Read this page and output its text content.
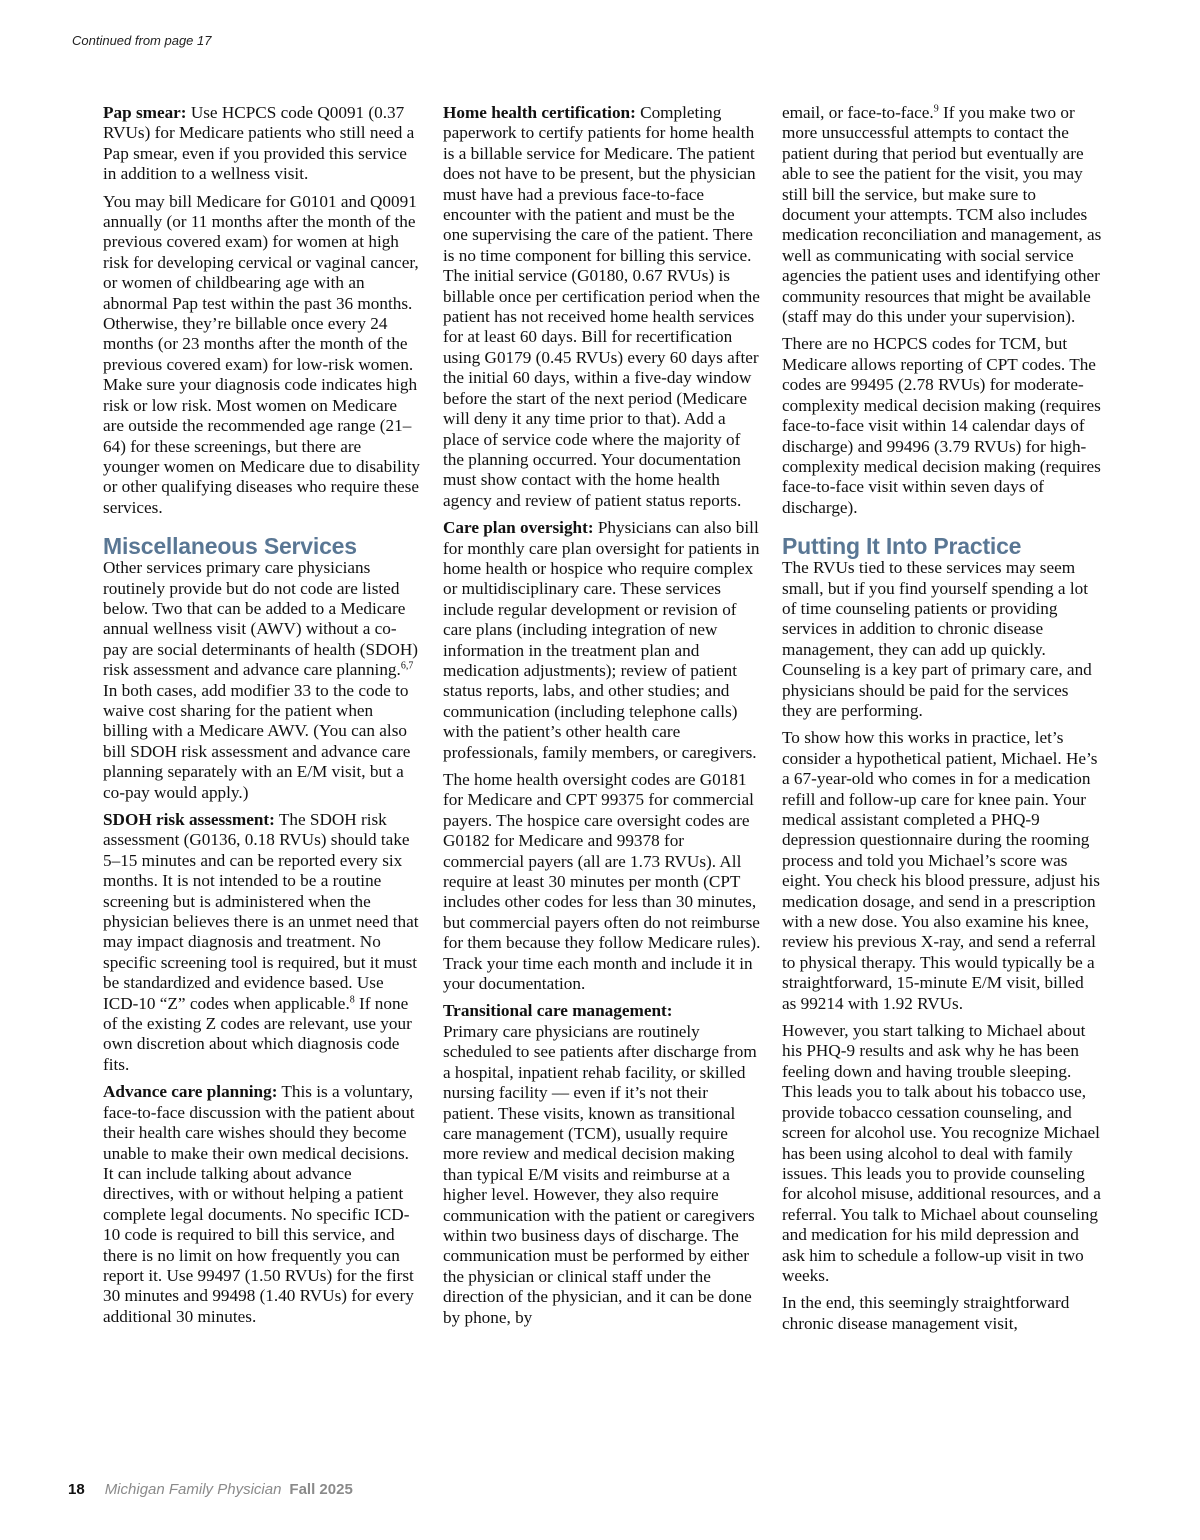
Continued from page 17

Pap smear: Use HCPCS code Q0091 (0.37 RVUs) for Medicare patients who still need a Pap smear, even if you provided this service in addition to a wellness visit.

You may bill Medicare for G0101 and Q0091 annually (or 11 months after the month of the previous covered exam) for women at high risk for developing cervical or vaginal cancer, or women of childbearing age with an abnormal Pap test within the past 36 months. Otherwise, they’re billable once every 24 months (or 23 months after the month of the previous covered exam) for low-risk women. Make sure your diagnosis code indicates high risk or low risk. Most women on Medicare are outside the recommended age range (21–64) for these screenings, but there are younger women on Medicare due to disability or other qualifying diseases who require these services.

Miscellaneous Services

Other services primary care physicians routinely provide but do not code are listed below. Two that can be added to a Medicare annual wellness visit (AWV) without a co-pay are social determinants of health (SDOH) risk assessment and advance care planning.$^{6,7}$ In both cases, add modifier 33 to the code to waive cost sharing for the patient when billing with a Medicare AWV. (You can also bill SDOH risk assessment and advance care planning separately with an E/M visit, but a co-pay would apply.)

SDOH risk assessment: The SDOH risk assessment (G0136, 0.18 RVUs) should take 5–15 minutes and can be reported every six months. It is not intended to be a routine screening but is administered when the physician believes there is an unmet need that may impact diagnosis and treatment. No specific screening tool is required, but it must be standardized and evidence based. Use ICD-10 “Z” codes when applicable.$^8$ If none of the existing Z codes are relevant, use your own discretion about which diagnosis code fits.

Advance care planning: This is a voluntary, face-to-face discussion with the patient about their health care wishes should they become unable to make their own medical decisions. It can include talking about advance directives, with or without helping a patient complete legal documents. No specific ICD-10 code is required to bill this service, and there is no limit on how frequently you can report it. Use 99497 (1.50 RVUs) for the first 30 minutes and 99498 (1.40 RVUs) for every additional 30 minutes.

Home health certification: Completing paperwork to certify patients for home health is a billable service for Medicare. The patient does not have to be present, but the physician must have had a previous face-to-face encounter with the patient and must be the one supervising the care of the patient. There is no time component for billing this service. The initial service (G0180, 0.67 RVUs) is billable once per certification period when the patient has not received home health services for at least 60 days. Bill for recertification using G0179 (0.45 RVUs) every 60 days after the initial 60 days, within a five-day window before the start of the next period (Medicare will deny it any time prior to that). Add a place of service code where the majority of the planning occurred. Your documentation must show contact with the home health agency and review of patient status reports.

Care plan oversight: Physicians can also bill for monthly care plan oversight for patients in home health or hospice who require complex or multidisciplinary care. These services include regular development or revision of care plans (including integration of new information in the treatment plan and medication adjustments); review of patient status reports, labs, and other studies; and communication (including telephone calls) with the patient’s other health care professionals, family members, or caregivers.

The home health oversight codes are G0181 for Medicare and CPT 99375 for commercial payers. The hospice care oversight codes are G0182 for Medicare and 99378 for commercial payers (all are 1.73 RVUs). All require at least 30 minutes per month (CPT includes other codes for less than 30 minutes, but commercial payers often do not reimburse for them because they follow Medicare rules). Track your time each month and include it in your documentation.

Transitional care management:
Primary care physicians are routinely scheduled to see patients after discharge from a hospital, inpatient rehab facility, or skilled nursing facility — even if it’s not their patient. These visits, known as transitional care management (TCM), usually require more review and medical decision making than typical E/M visits and reimburse at a higher level. However, they also require communication with the patient or caregivers within two business days of discharge. The communication must be performed by either the physician or clinical staff under the direction of the physician, and it can be done by phone, by

email, or face-to-face.$^9$ If you make two or more unsuccessful attempts to contact the patient during that period but eventually are able to see the patient for the visit, you may still bill the service, but make sure to document your attempts. TCM also includes medication reconciliation and management, as well as communicating with social service agencies the patient uses and identifying other community resources that might be available (staff may do this under your supervision).

There are no HCPCS codes for TCM, but Medicare allows reporting of CPT codes. The codes are 99495 (2.78 RVUs) for moderate-complexity medical decision making (requires face-to-face visit within 14 calendar days of discharge) and 99496 (3.79 RVUs) for high-complexity medical decision making (requires face-to-face visit within seven days of discharge).

Putting It Into Practice

The RVUs tied to these services may seem small, but if you find yourself spending a lot of time counseling patients or providing services in addition to chronic disease management, they can add up quickly. Counseling is a key part of primary care, and physicians should be paid for the services they are performing.

To show how this works in practice, let’s consider a hypothetical patient, Michael. He’s a 67-year-old who comes in for a medication refill and follow-up care for knee pain. Your medical assistant completed a PHQ-9 depression questionnaire during the rooming process and told you Michael’s score was eight. You check his blood pressure, adjust his medication dosage, and send in a prescription with a new dose. You also examine his knee, review his previous X-ray, and send a referral to physical therapy. This would typically be a straightforward, 15-minute E/M visit, billed as 99214 with 1.92 RVUs.

However, you start talking to Michael about his PHQ-9 results and ask why he has been feeling down and having trouble sleeping. This leads you to talk about his tobacco use, provide tobacco cessation counseling, and screen for alcohol use. You recognize Michael has been using alcohol to deal with family issues. This leads you to provide counseling for alcohol misuse, additional resources, and a referral. You talk to Michael about counseling and medication for his mild depression and ask him to schedule a follow-up visit in two weeks.

In the end, this seemingly straightforward chronic disease management visit,

18 Michigan Family Physician Fall 2025
